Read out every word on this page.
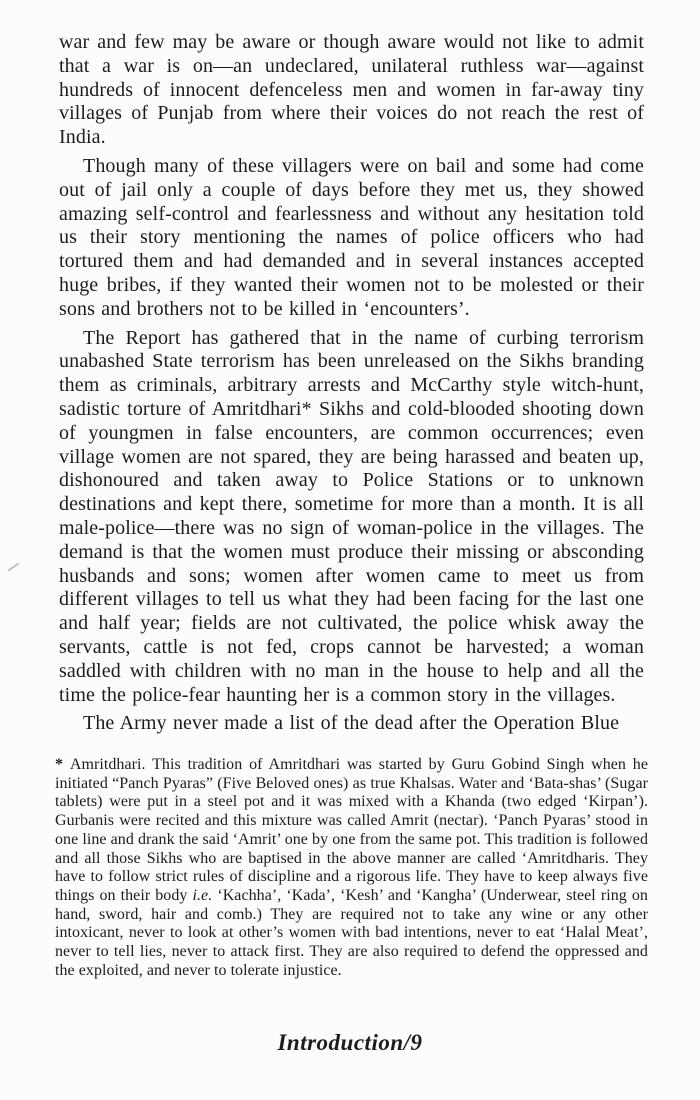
war and few may be aware or though aware would not like to admit that a war is on—an undeclared, unilateral ruthless war—against hundreds of innocent defenceless men and women in far-away tiny villages of Punjab from where their voices do not reach the rest of India.

Though many of these villagers were on bail and some had come out of jail only a couple of days before they met us, they showed amazing self-control and fearlessness and without any hesitation told us their story mentioning the names of police officers who had tortured them and had demanded and in several instances accepted huge bribes, if they wanted their women not to be molested or their sons and brothers not to be killed in ‘encounters’.

The Report has gathered that in the name of curbing terrorism unabashed State terrorism has been unreleased on the Sikhs branding them as criminals, arbitrary arrests and McCarthy style witch-hunt, sadistic torture of Amritdhari* Sikhs and cold-blooded shooting down of youngmen in false encounters, are common occurrences; even village women are not spared, they are being harassed and beaten up, dishonoured and taken away to Police Stations or to unknown destinations and kept there, sometime for more than a month. It is all male-police—there was no sign of woman-police in the villages. The demand is that the women must produce their missing or absconding husbands and sons; women after women came to meet us from different villages to tell us what they had been facing for the last one and half year; fields are not cultivated, the police whisk away the servants, cattle is not fed, crops cannot be harvested; a woman saddled with children with no man in the house to help and all the time the police-fear haunting her is a common story in the villages.

The Army never made a list of the dead after the Operation Blue

* Amritdhari. This tradition of Amritdhari was started by Guru Gobind Singh when he initiated “Panch Pyaras” (Five Beloved ones) as true Khalsas. Water and ‘Bata-shas’ (Sugar tablets) were put in a steel pot and it was mixed with a Khanda (two edged ‘Kirpan’). Gurbanis were recited and this mixture was called Amrit (nectar). ‘Panch Pyaras’ stood in one line and drank the said ‘Amrit’ one by one from the same pot. This tradition is followed and all those Sikhs who are baptised in the above manner are called ‘Amritdharis. They have to follow strict rules of discipline and a rigorous life. They have to keep always five things on their body i.e. ‘Kachha’, ‘Kada’, ‘Kesh’ and ‘Kangha’ (Underwear, steel ring on hand, sword, hair and comb.) They are required not to take any wine or any other intoxicant, never to look at other’s women with bad intentions, never to eat ‘Halal Meat’, never to tell lies, never to attack first. They are also required to defend the oppressed and the exploited, and never to tolerate injustice.
Introduction/9
